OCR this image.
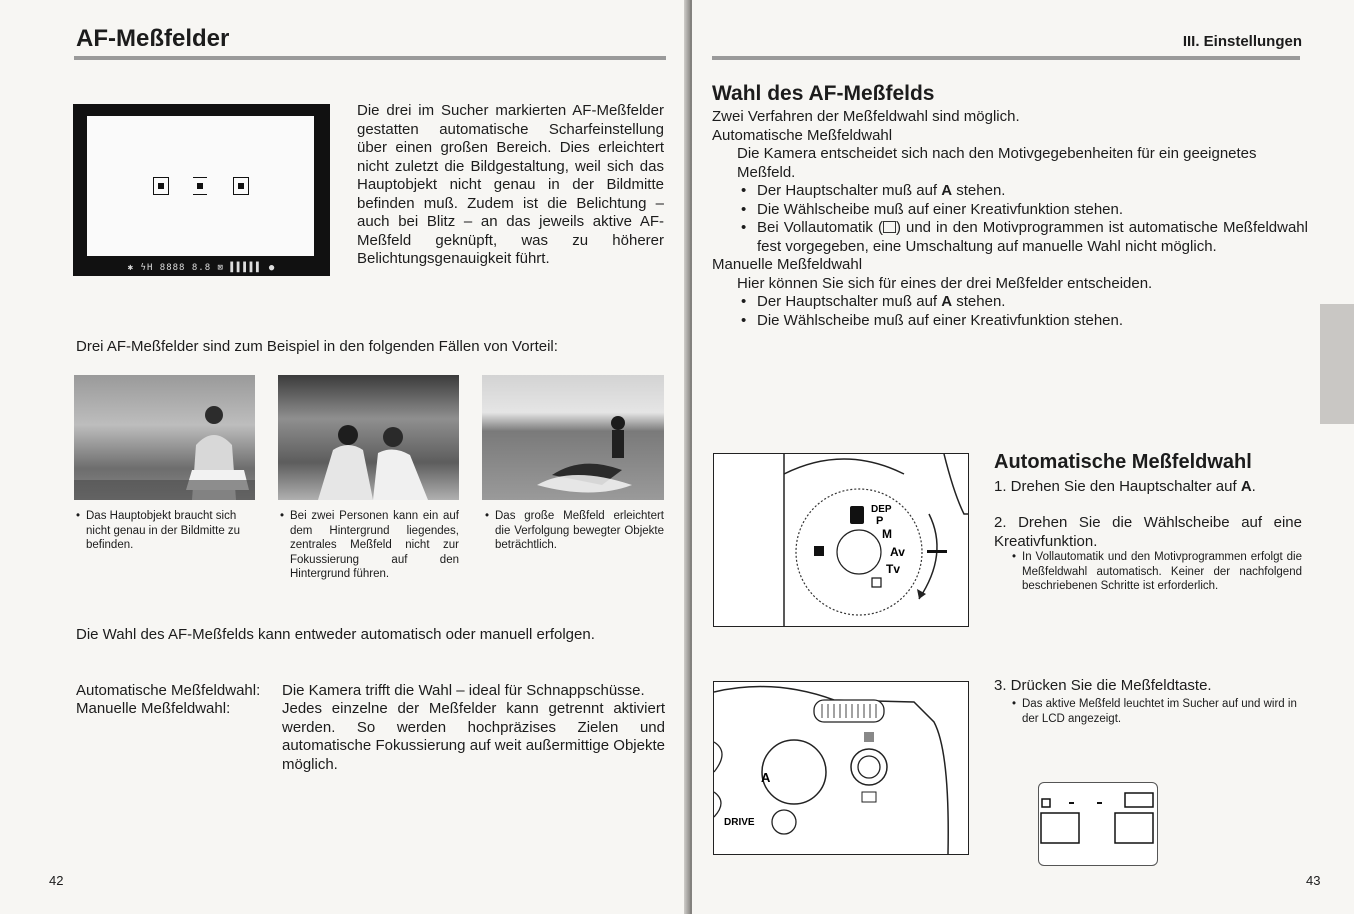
AF-Meßfelder
✱ ϟH 8888 8.8 ⊠ ▌▌▌▌▌ ●

Die drei im Sucher markierten AF-Meßfelder gestatten automatische Scharfeinstellung über einen großen Bereich. Dies erleichtert nicht zuletzt die Bildgestaltung, weil sich das Hauptobjekt nicht genau in der Bildmitte befinden muß. Zudem ist die Belichtung – auch bei Blitz – an das jeweils aktive AF-Meßfeld geknüpft, was zu höherer Belichtungsgenauigkeit führt.

Drei AF-Meßfelder sind zum Beispiel in den folgenden Fällen von Vorteil:

• Das Hauptobjekt braucht sich nicht genau in der Bildmitte zu befinden.
• Bei zwei Personen kann ein auf dem Hintergrund liegendes, zentrales Meßfeld nicht zur Fokussierung auf den Hintergrund führen.
• Das große Meßfeld erleichtert die Verfolgung bewegter Objekte beträchtlich.

Die Wahl des AF-Meßfelds kann entweder automatisch oder manuell erfolgen.

Automatische Meßfeldwahl:	Die Kamera trifft die Wahl – ideal für Schnappschüsse.

Manuelle Meßfeldwahl:	Jedes einzelne der Meßfelder kann getrennt aktiviert werden. So werden hochpräzises Zielen und automatische Fokussierung auf weit außermittige Objekte möglich.

42
III. Einstellungen
Wahl des AF-Meßfelds

Zwei Verfahren der Meßfeldwahl sind möglich.

Automatische Meßfeldwahl

Die Kamera entscheidet sich nach den Motivgegebenheiten für ein geeignetes Meßfeld.

• Der Hauptschalter muß auf A stehen.
• Die Wählscheibe muß auf einer Kreativfunktion stehen.
• Bei Vollautomatik ( ) und in den Motivprogrammen ist automatische Meßfeldwahl fest vorgegeben, eine Umschaltung auf manuelle Wahl nicht möglich.

Manuelle Meßfeldwahl

Hier können Sie sich für eines der drei Meßfelder entscheiden.

• Der Hauptschalter muß auf A stehen.
• Die Wählscheibe muß auf einer Kreativfunktion stehen.
M
Av
Tv
DEP
P
Automatische Meßfeldwahl

1. Drehen Sie den Hauptschalter auf A.

2. Drehen Sie die Wählscheibe auf eine Kreativfunktion.

• In Vollautomatik und den Motivprogrammen erfolgt die Meßfeldwahl automatisch. Keiner der nachfolgend beschriebenen Schritte ist erforderlich.
A
DRIVE

3. Drücken Sie die Meßfeldtaste.

• Das aktive Meßfeld leuchtet im Sucher auf und wird in der LCD angezeigt.
43
